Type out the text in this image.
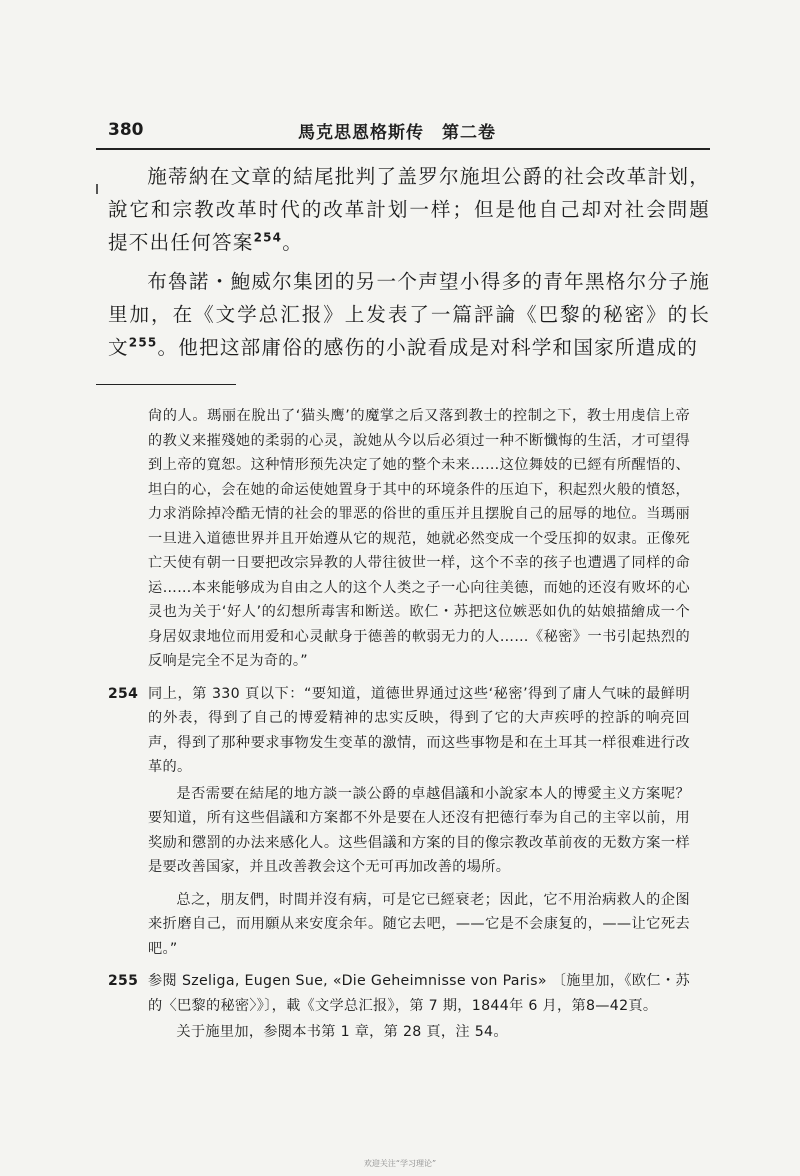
380	馬克思恩格斯传　第二卷

施蒂納在文章的結尾批判了盖罗尔施坦公爵的社会改革計划，說它和宗教改革时代的改革計划一样；但是他自己却对社会問題提不出任何答案$^{254}$。

布魯諾・鮑威尔集团的另一个声望小得多的青年黑格尔分子施里加，在《文学总汇报》上发表了一篇評論《巴黎的秘密》的长文$^{255}$。他把这部庸俗的感伤的小說看成是对科学和国家所遣成的

尙的人。瑪丽在脫出了‘猫头鹰’的魔掌之后又落到教士的控制之下，教士用虔信上帝的教义来摧殘她的柔弱的心灵，說她从今以后必須过一种不断懺悔的生活，才可望得到上帝的寬恕。这种情形预先决定了她的整个未来……这位舞妓的已經有所醒悟的、坦白的心，会在她的命运使她置身于其中的环境条件的压迫下，积起烈火般的憤怒，力求消除掉冷酷无情的社会的罪恶的俗世的重压并且摆脫自己的屈辱的地位。当瑪丽一旦进入道德世界并且开始遵从它的规范，她就必然变成一个受压抑的奴隶。正像死亡天使有朝一日要把改宗异教的人带往彼世一样，这个不幸的孩子也遭遇了同样的命运……本来能够成为自由之人的这个人类之子一心向往美德，而她的还沒有败坏的心灵也为关于‘好人’的幻想所毒害和断送。欧仁・苏把这位嫉恶如仇的姑娘描繪成一个身居奴隶地位而用爱和心灵献身于德善的軟弱无力的人……《秘密》一书引起热烈的反响是完全不足为奇的。”

254 同上，第 330 頁以下：“要知道，道德世界通过这些‘秘密’得到了庸人气味的最鲜明的外表，得到了自己的博爱精神的忠实反映，得到了它的大声疾呼的控訴的响亮回声，得到了那种要求事物发生变革的激情，而这些事物是和在土耳其一样很难进行改革的。

是否需要在結尾的地方談一談公爵的卓越倡議和小說家本人的博愛主义方案呢？要知道，所有这些倡議和方案都不外是要在人还沒有把德行奉为自己的主宰以前，用奖励和懲罰的办法来感化人。这些倡議和方案的目的像宗教改革前夜的无数方案一样是要改善国家，并且改善教会这个无可再加改善的場所。

总之，朋友們，时間并沒有病，可是它已經衰老；因此，它不用治病救人的企图来折磨自己，而用願从来安度余年。随它去吧，——它是不会康复的，——让它死去吧。”

255 参閱 Szeliga, Eugen Sue, «Die Geheimnisse von Paris» 〔施里加，《欧仁・苏的〈巴黎的秘密〉》〕，載《文学总汇报》，第 7 期，1844年 6 月，第8—42頁。

关于施里加，参閱本书第 1 章，第 28 頁，注 54。

欢迎关注“学习理论”
